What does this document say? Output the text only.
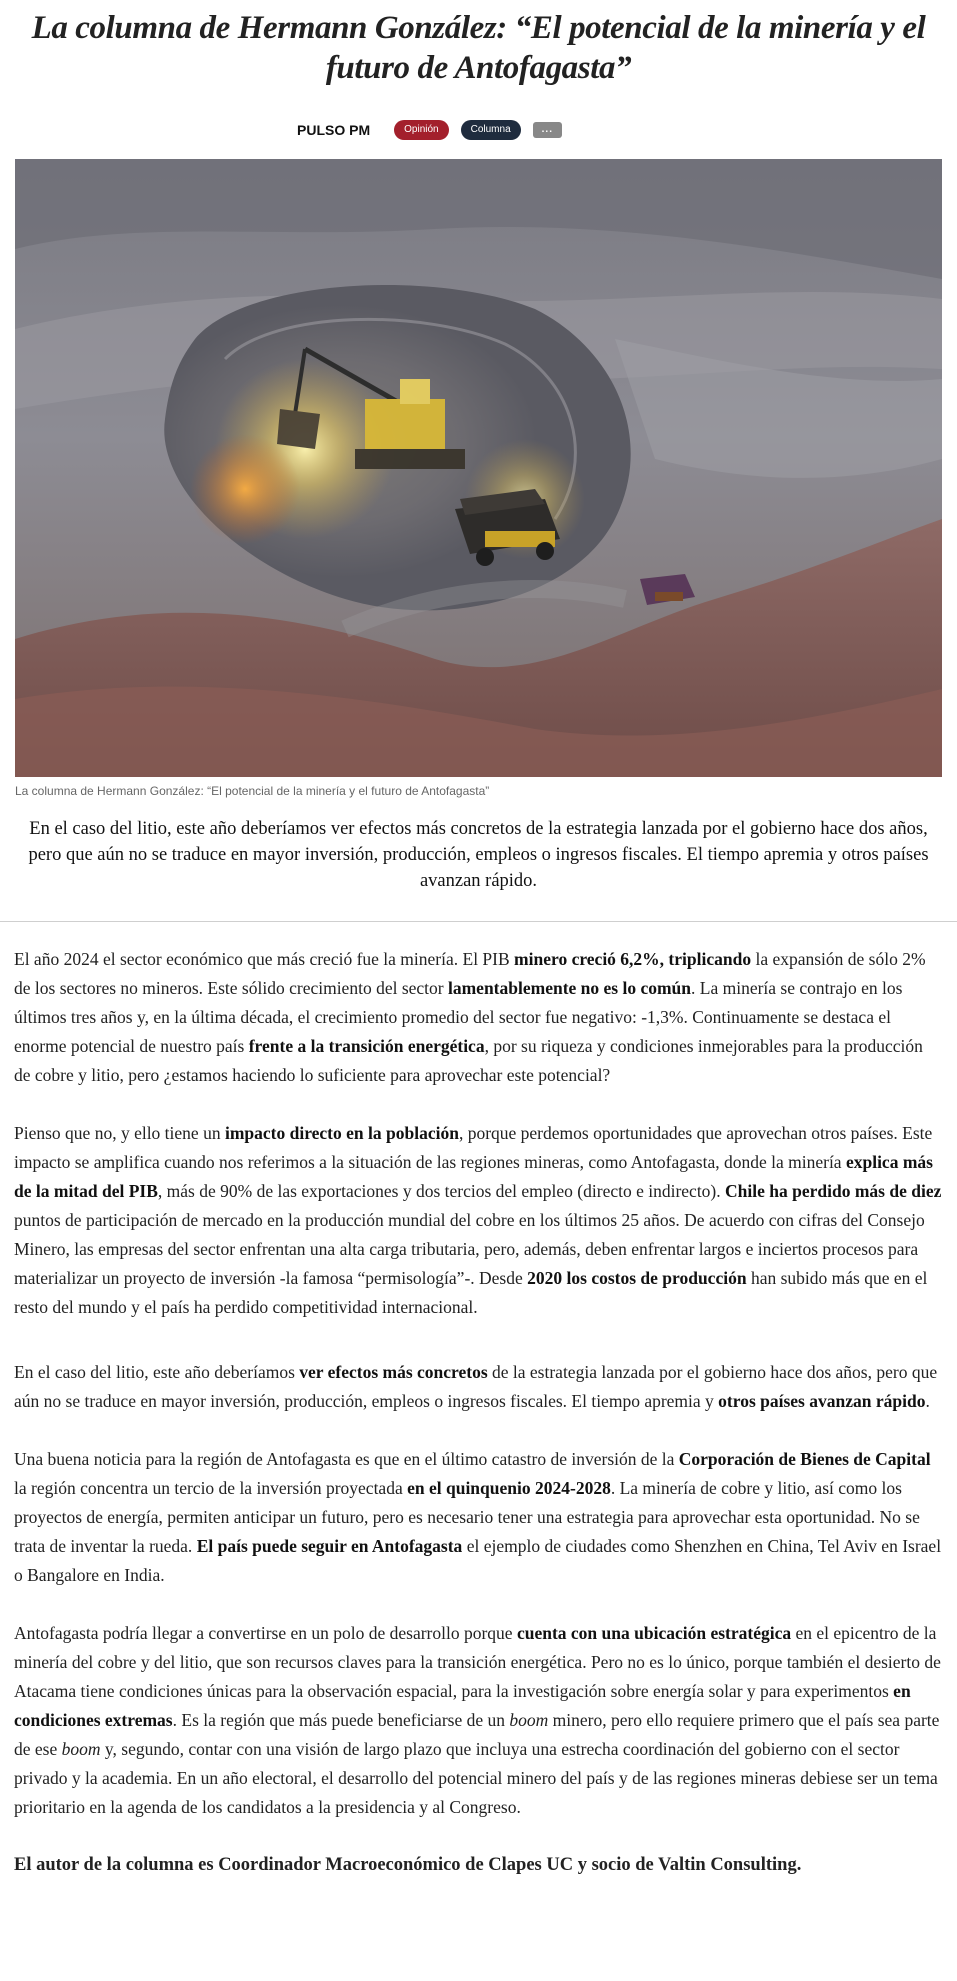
La columna de Hermann González: “El potencial de la minería y el futuro de Antofagasta”
PULSO PM	Opinión	Columna	...
La columna de Hermann González: “El potencial de la minería y el futuro de Antofagasta”

En el caso del litio, este año deberíamos ver efectos más concretos de la estrategia lanzada por el gobierno hace dos años, pero que aún no se traduce en mayor inversión, producción, empleos o ingresos fiscales. El tiempo apremia y otros países avanzan rápido.

El año 2024 el sector económico que más creció fue la minería. El PIB minero creció 6,2%, triplicando la expansión de sólo 2% de los sectores no mineros. Este sólido crecimiento del sector lamentablemente no es lo común. La minería se contrajo en los últimos tres años y, en la última década, el crecimiento promedio del sector fue negativo: -1,3%. Continuamente se destaca el enorme potencial de nuestro país frente a la transición energética, por su riqueza y condiciones inmejorables para la producción de cobre y litio, pero ¿estamos haciendo lo suficiente para aprovechar este potencial?

Pienso que no, y ello tiene un impacto directo en la población, porque perdemos oportunidades que aprovechan otros países. Este impacto se amplifica cuando nos referimos a la situación de las regiones mineras, como Antofagasta, donde la minería explica más de la mitad del PIB, más de 90% de las exportaciones y dos tercios del empleo (directo e indirecto). Chile ha perdido más de diez puntos de participación de mercado en la producción mundial del cobre en los últimos 25 años. De acuerdo con cifras del Consejo Minero, las empresas del sector enfrentan una alta carga tributaria, pero, además, deben enfrentar largos e inciertos procesos para materializar un proyecto de inversión -la famosa “permisología”-. Desde 2020 los costos de producción han subido más que en el resto del mundo y el país ha perdido competitividad internacional.

En el caso del litio, este año deberíamos ver efectos más concretos de la estrategia lanzada por el gobierno hace dos años, pero que aún no se traduce en mayor inversión, producción, empleos o ingresos fiscales. El tiempo apremia y otros países avanzan rápido.

Una buena noticia para la región de Antofagasta es que en el último catastro de inversión de la Corporación de Bienes de Capital la región concentra un tercio de la inversión proyectada en el quinquenio 2024-2028. La minería de cobre y litio, así como los proyectos de energía, permiten anticipar un futuro, pero es necesario tener una estrategia para aprovechar esta oportunidad. No se trata de inventar la rueda. El país puede seguir en Antofagasta el ejemplo de ciudades como Shenzhen en China, Tel Aviv en Israel o Bangalore en India.

Antofagasta podría llegar a convertirse en un polo de desarrollo porque cuenta con una ubicación estratégica en el epicentro de la minería del cobre y del litio, que son recursos claves para la transición energética. Pero no es lo único, porque también el desierto de Atacama tiene condiciones únicas para la observación espacial, para la investigación sobre energía solar y para experimentos en condiciones extremas. Es la región que más puede beneficiarse de un boom minero, pero ello requiere primero que el país sea parte de ese boom y, segundo, contar con una visión de largo plazo que incluya una estrecha coordinación del gobierno con el sector privado y la academia. En un año electoral, el desarrollo del potencial minero del país y de las regiones mineras debiese ser un tema prioritario en la agenda de los candidatos a la presidencia y al Congreso.

El autor de la columna es Coordinador Macroeconómico de Clapes UC y socio de Valtin Consulting.
